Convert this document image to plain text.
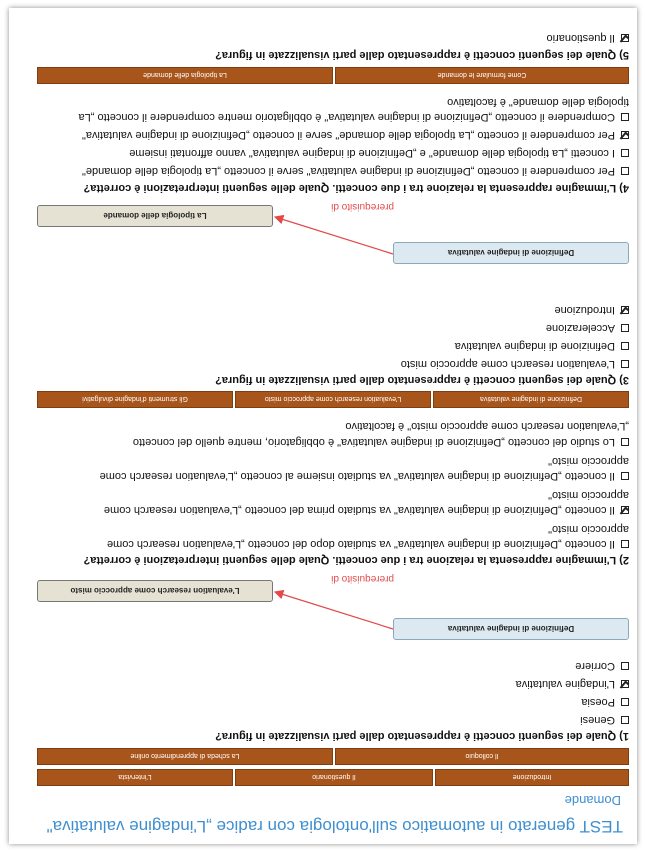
TEST generato in automatico sull'ontologia con radice „L'indagine valutativa"
Domande
Introduzione
Il questionario
L'intervista
Il colloquio
La scheda di apprendimento online
1) Quale dei seguenti concetti è rappresentato dalle parti visualizzate in figura?
Genesi
Poesia
L'indagine valutativa
Corriere
Definizione di indagine valutativa
L'evaluation research come approccio misto
prerequisito di
2) L'immagine rappresenta la relazione tra i due concetti. Quale delle seguenti interpretazioni è corretta?
Il concetto „Definizione di indagine valutativa" va studiato dopo del concetto „L'evaluation research come
approccio misto"
Il concetto „Definizione di indagine valutativa" va studiato prima del concetto „L'evaluation research come
approccio misto"
Il concetto „Definizione di indagine valutativa" va studiato insieme al concetto „L'evaluation research come
approccio misto"
Lo studio del concetto „Definizione di indagine valutativa" è obbligatorio, mentre quello del concetto
„L'evaluation research come approccio misto" è facoltativo
Definizione di indagine valutativa
L'evaluation research come approccio misto
Gli strumenti d'indagine divulgativi
3) Quale dei seguenti concetti è rappresentato dalle parti visualizzate in figura?
L'evaluation research come approccio misto
Definizione di indagine valutativa
Accelerazione
Introduzione
Definizione di indagine valutativa
La tipologia delle domande
prerequisito di
4) L'immagine rappresenta la relazione tra i due concetti. Quale delle seguenti interpretazioni è corretta?
Per comprendere il concetto „Definizione di indagine valutativa" serve il concetto „La tipologia delle domande"
I concetti „La tipologia delle domande" e „Definizione di indagine valutativa" vanno affrontati insieme
Per comprendere il concetto „La tipologia delle domande" serve il concetto „Definizione di indagine valutativa"
Comprendere il concetto „Definizione di indagine valutativa" è obbligatorio mentre comprendere il concetto „La
tipologia delle domande" è facoltativo
Come formulare le domande
La tipologia delle domande
5) Quale dei seguenti concetti è rappresentato dalle parti visualizzate in figura?
Il questionario
